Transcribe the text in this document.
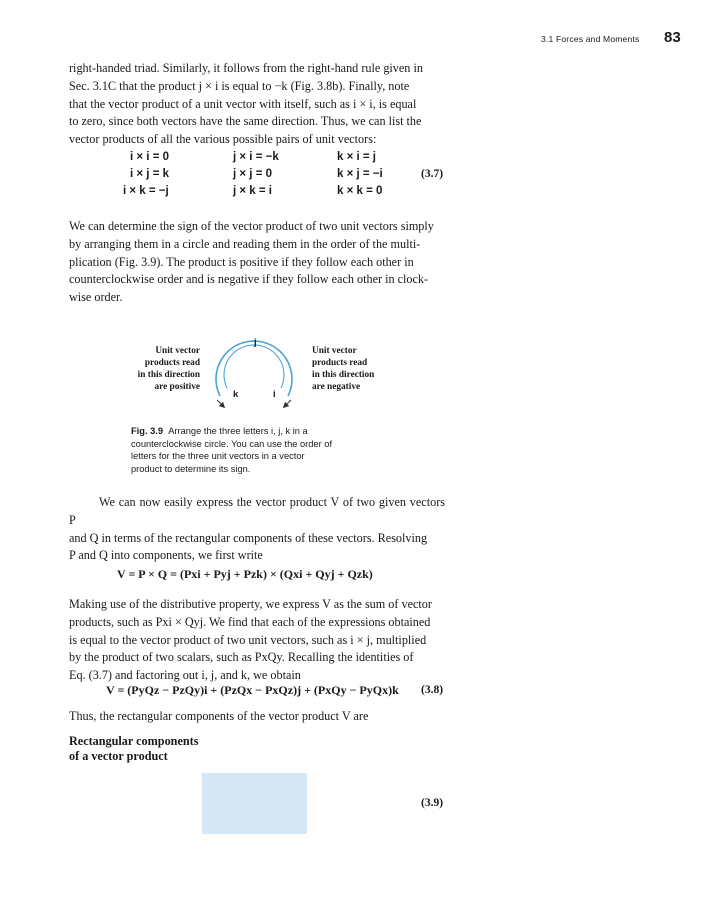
3.1 Forces and Moments 83

right-handed triad. Similarly, it follows from the right-hand rule given in

Sec. 3.1C that the product j × i is equal to −k (Fig. 3.8b). Finally, note

that the vector product of a unit vector with itself, such as i × i, is equal

to zero, since both vectors have the same direction. Thus, we can list the

vector products of all the various possible pairs of unit vectors:

i × i = 0
i × j = k
i × k = −j
j × i = −k
j × j = 0
j × k = i
k × i = j
k × j = −i
k × k = 0
(3.7)

We can determine the sign of the vector product of two unit vectors simply

by arranging them in a circle and reading them in the order of the multi-

plication (Fig. 3.9). The product is positive if they follow each other in

counterclockwise order and is negative if they follow each other in clock-

wise order.

j
k	i
Unit vector
products read
in this direction
are positive
Unit vector
products read
in this direction
are negative
Fig. 3.9 Arrange the three letters i, j, k in a
counterclockwise circle. You can use the order of
letters for the three unit vectors in a vector
product to determine its sign.

We can now easily express the vector product V of two given vectors P

and Q in terms of the rectangular components of these vectors. Resolving

P and Q into components, we first write

V = P × Q = (Pxi + Pyj + Pzk) × (Qxi + Qyj + Qzk)

Making use of the distributive property, we express V as the sum of vector

products, such as Pxi × Qyj. We find that each of the expressions obtained

is equal to the vector product of two unit vectors, such as i × j, multiplied

by the product of two scalars, such as PxQy. Recalling the identities of

Eq. (3.7) and factoring out i, j, and k, we obtain

V = (PyQz − PzQy)i + (PzQx − PxQz)j + (PxQy − PyQx)k (3.8)

Thus, the rectangular components of the vector product V are

Rectangular components
of a vector product
(3.9)
